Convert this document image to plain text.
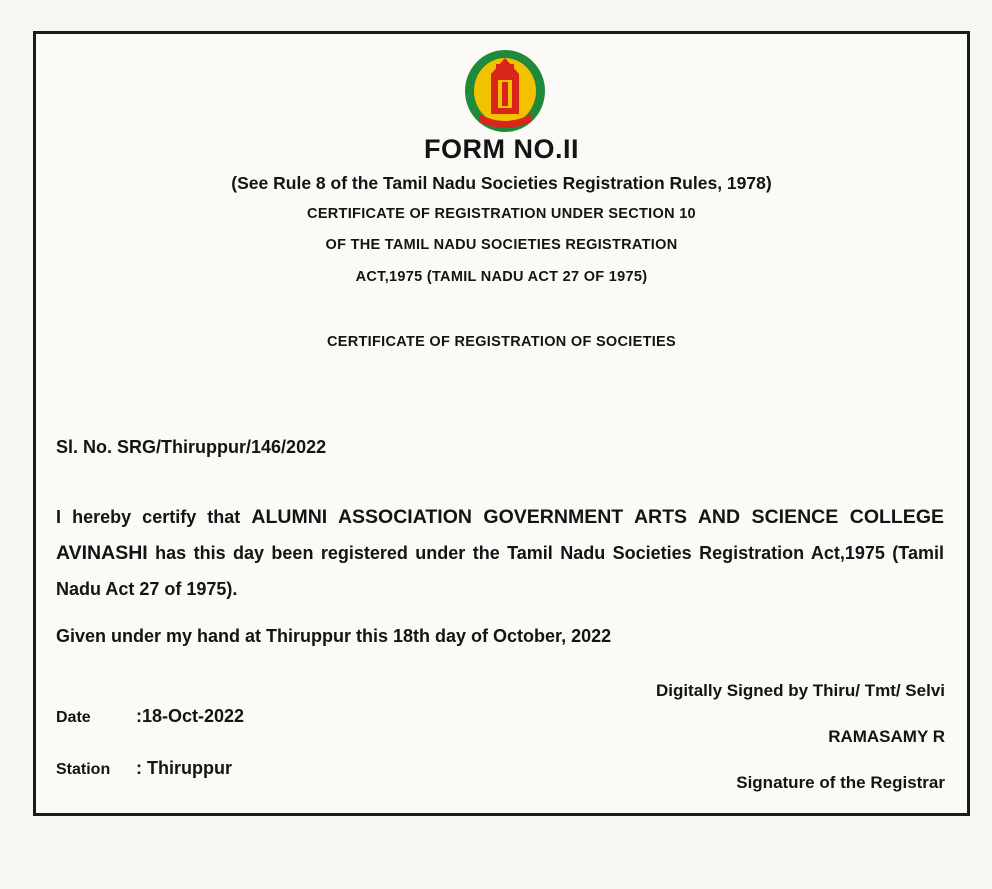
FORM NO.II
(See Rule 8 of the Tamil Nadu Societies Registration Rules, 1978)
CERTIFICATE OF REGISTRATION UNDER SECTION 10
OF THE TAMIL NADU SOCIETIES REGISTRATION
ACT,1975 (TAMIL NADU ACT 27 OF 1975)
CERTIFICATE OF REGISTRATION OF SOCIETIES
Sl. No. SRG/Thiruppur/146/2022
I hereby certify that ALUMNI ASSOCIATION GOVERNMENT ARTS AND SCIENCE COLLEGE AVINASHI has this day been registered under the Tamil Nadu Societies Registration Act,1975 (Tamil Nadu Act 27 of 1975).
Given under my hand at Thiruppur this 18th day of October, 2022
Digitally Signed by Thiru/ Tmt/ Selvi
RAMASAMY R
Signature of the Registrar
Date	:18-Oct-2022
Station : Thiruppur
